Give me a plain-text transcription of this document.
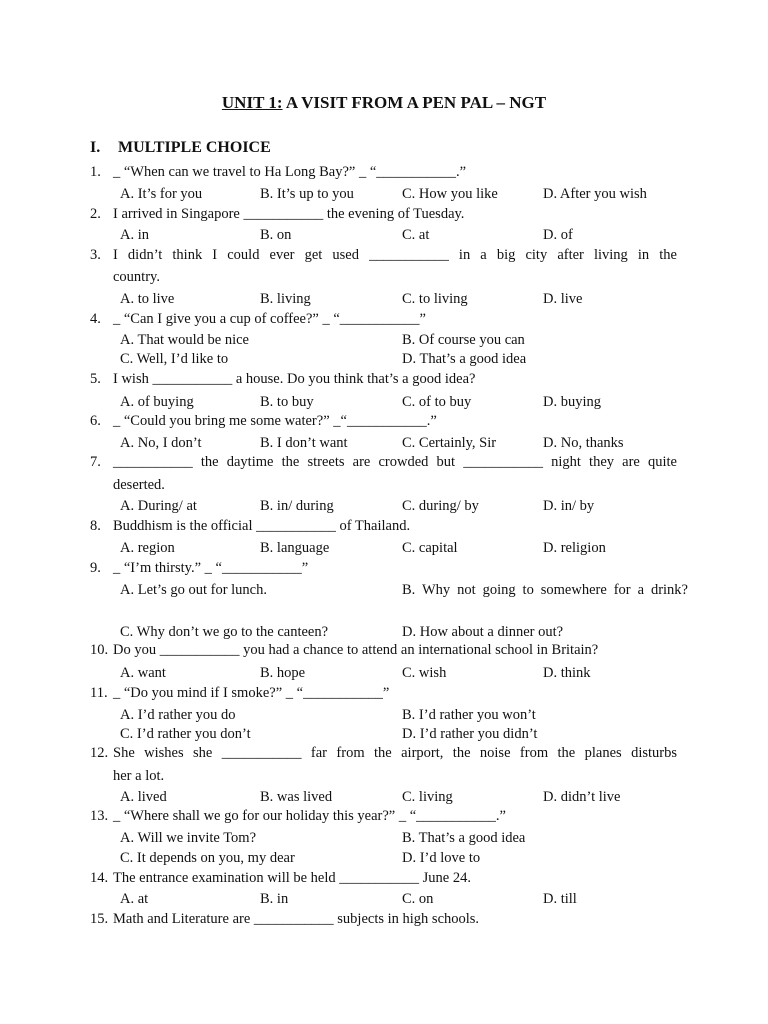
UNIT 1: A VISIT FROM A PEN PAL – NGT
I. MULTIPLE CHOICE
1. _ “When can we travel to Ha Long Bay?” _ “___________.”
A. It’s for you	B. It’s up to you	C. How you like	D. After you wish
2. I arrived in Singapore ___________ the evening of Tuesday.
A. in	B. on	C. at	D. of
3. I didn’t think I could ever get used ___________ in a big city after living in the
country.
A. to live	B. living	C. to living	D. live
4. _ “Can I give you a cup of coffee?” _ “___________”
A. That would be nice	B. Of course you can
C. Well, I’d like to	D. That’s a good idea
5. I wish ___________ a house. Do you think that’s a good idea?
A. of buying	B. to buy	C. of to buy	D. buying
6. _ “Could you bring me some water?” _“___________.”
A. No, I don’t	B. I don’t want	C. Certainly, Sir	D. No, thanks
7. ___________ the daytime the streets are crowded but ___________ night they are quite
deserted.
A. During/ at	B. in/ during	C. during/ by	D. in/ by
8. Buddhism is the official ___________ of Thailand.
A. region	B. language	C. capital	D. religion
9. _ “I’m thirsty.” _ “___________”
A. Let’s go out for lunch.	B. Why not going to somewhere for a drink?
C. Why don’t we go to the canteen?	D. How about a dinner out?
10. Do you ___________ you had a chance to attend an international school in Britain?
A. want	B. hope	C. wish	D. think
11. _ “Do you mind if I smoke?” _ “___________”
A. I’d rather you do	B. I’d rather you won’t
C. I’d rather you don’t	D. I’d rather you didn’t
12. She wishes she ___________ far from the airport, the noise from the planes disturbs
her a lot.
A. lived	B. was lived	C. living	D. didn’t live
13. _ “Where shall we go for our holiday this year?” _ “___________.”
A. Will we invite Tom?	B. That’s a good idea
C. It depends on you, my dear	D. I’d love to
14. The entrance examination will be held ___________ June 24.
A. at	B. in	C. on	D. till
15. Math and Literature are ___________ subjects in high schools.
